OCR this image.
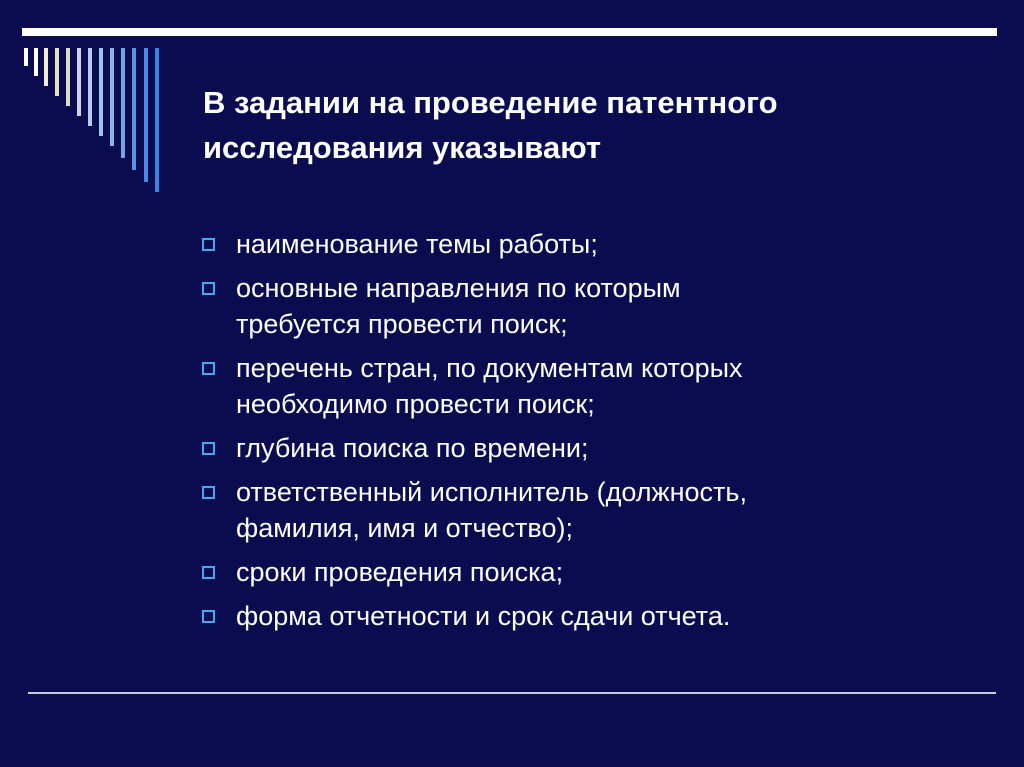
В задании на проведение патентного
исследования указывают
наименование темы работы;
основные направления по которым
требуется провести поиск;
перечень стран, по документам которых
необходимо провести поиск;
глубина поиска по времени;
ответственный исполнитель (должность,
фамилия, имя и отчество);
сроки проведения поиска;
форма отчетности и срок сдачи отчета.
